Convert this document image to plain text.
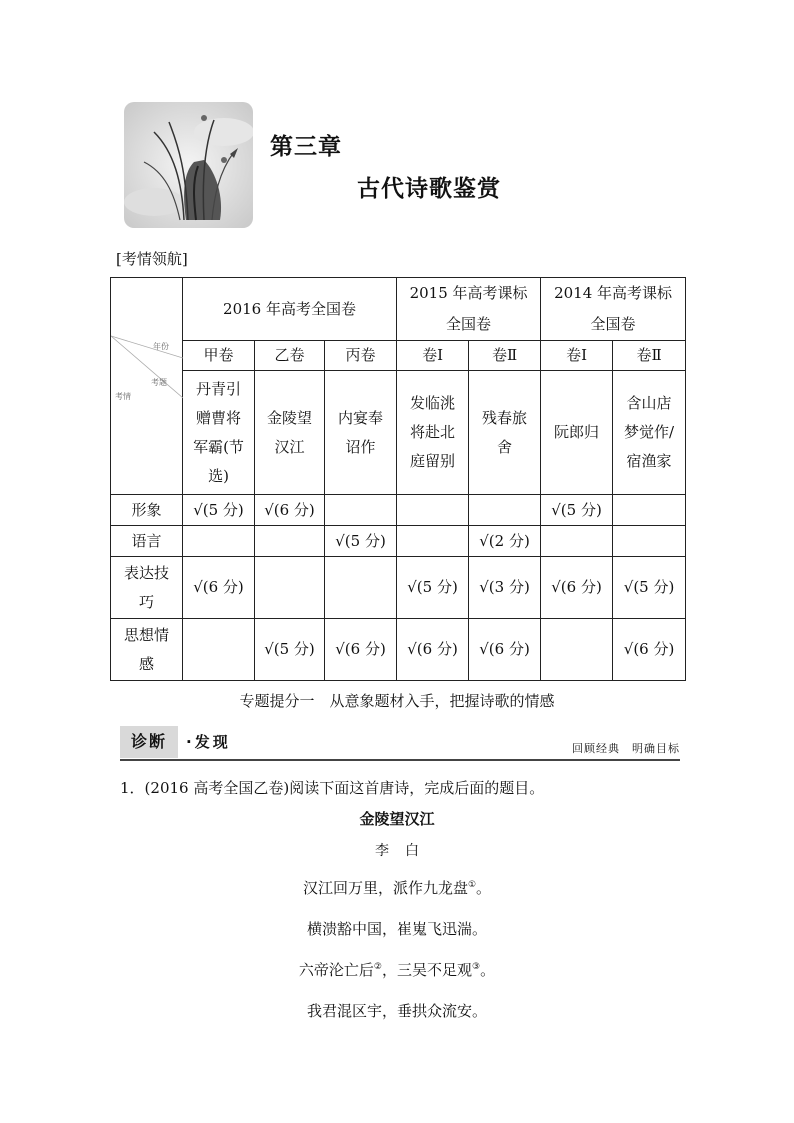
第三章
古代诗歌鉴赏
[考情领航]
年份
考题
考情	2016 年高考全国卷			2015 年高考课标全国卷		2014 年高考课标全国卷	
	甲卷	乙卷	丙卷	卷Ⅰ	卷Ⅱ	卷Ⅰ	卷Ⅱ
	丹青引赠曹将军霸(节选)	金陵望汉江	内宴奉诏作	发临洮将赴北庭留别	残春旅舍	阮郎归	含山店梦觉作/宿渔家
形象	√(5 分)	√(6 分)				√(5 分)	
语言			√(5 分)		√(2 分)		
表达技巧	√(6 分)			√(5 分)	√(3 分)	√(6 分)	√(5 分)
思想情感		√(5 分)	√(6 分)	√(6 分)	√(6 分)		√(6 分)
专题提分一　从意象题材入手，把握诗歌的情感
诊断	·发现	回顾经典　明确目标
1．(2016 高考全国乙卷)阅读下面这首唐诗，完成后面的题目。
金陵望汉江
李白
汉江回万里，派作九龙盘①。
横溃豁中国，崔嵬飞迅湍。
六帝沦亡后②，三吴不足观③。
我君混区宇，垂拱众流安。
